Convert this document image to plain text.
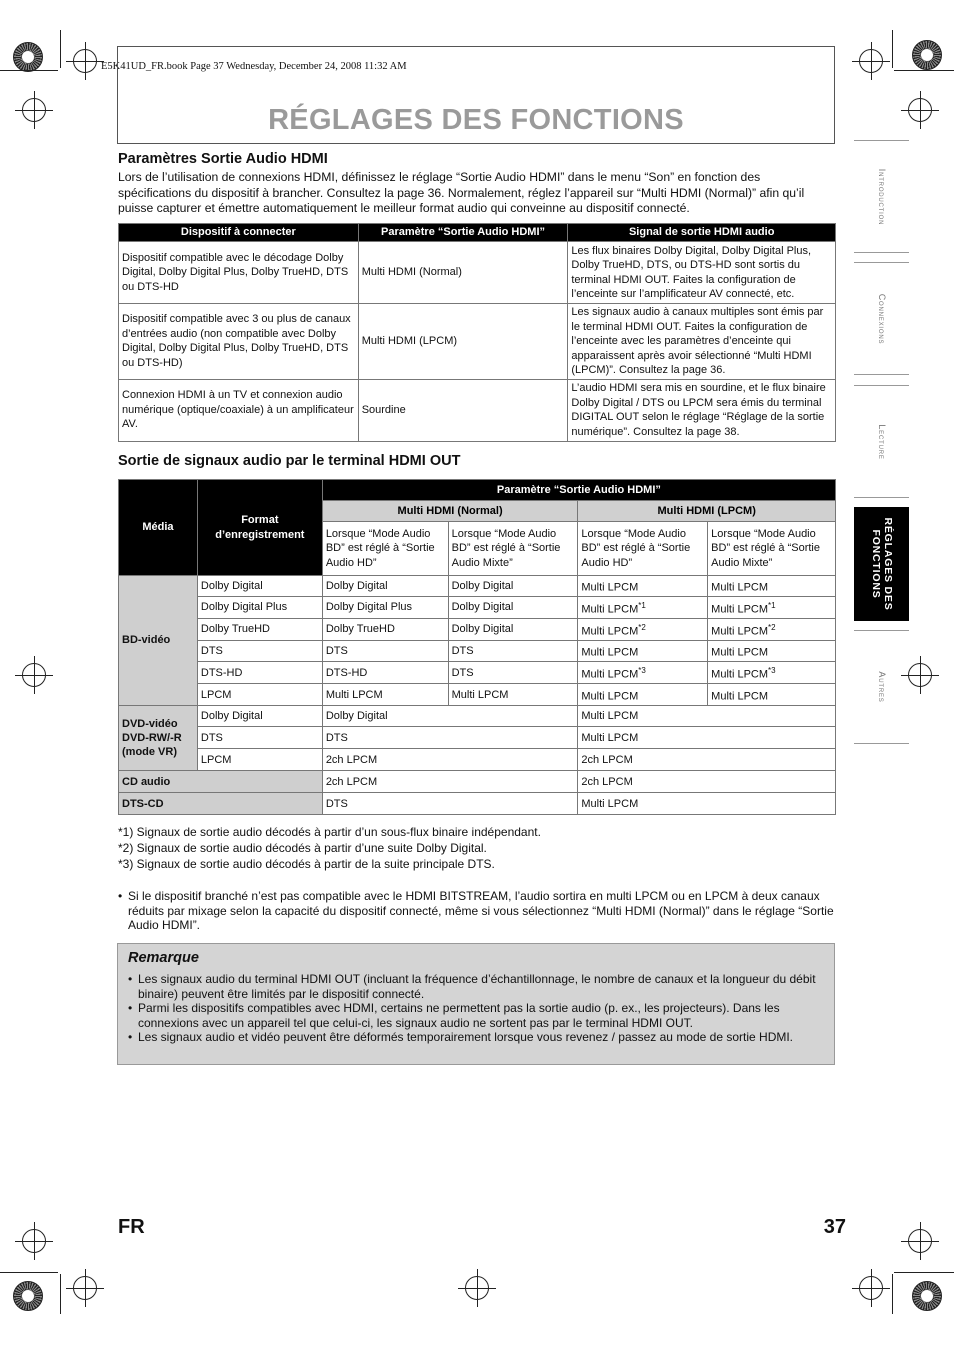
E5K41UD_FR.book Page 37 Wednesday, December 24, 2008 11:32 AM
RÉGLAGES DES FONCTIONS
Paramètres Sortie Audio HDMI
Lors de l’utilisation de connexions HDMI, définissez le réglage “Sortie Audio HDMI” dans le menu “Son” en fonction des spécifications du dispositif à brancher. Consultez la page 36. Normalement, réglez l’appareil sur “Multi HDMI (Normal)” afin qu’il puisse capturer et émettre automatiquement le meilleur format audio qui conveinne au dispositif connecté.
Dispositif à connecter	Paramètre “Sortie Audio HDMI”	Signal de sortie HDMI audio
Dispositif compatible avec le décodage Dolby Digital, Dolby Digital Plus, Dolby TrueHD, DTS ou DTS-HD	Multi HDMI (Normal)	Les flux binaires Dolby Digital, Dolby Digital Plus, Dolby TrueHD, DTS, ou DTS-HD sont sortis du terminal HDMI OUT. Faites la configuration de l’enceinte sur l’amplificateur AV connecté, etc.
Dispositif compatible avec 3 ou plus de canaux d’entrées audio (non compatible avec Dolby Digital, Dolby Digital Plus, Dolby TrueHD, DTS ou DTS-HD)	Multi HDMI (LPCM)	Les signaux audio à canaux multiples sont émis par le terminal HDMI OUT. Faites la configuration de l’enceinte avec les paramètres d’enceinte qui apparaissent après avoir sélectionné “Multi HDMI (LPCM)”. Consultez la page 36.
Connexion HDMI à un TV et connexion audio numérique (optique/coaxiale) à un amplificateur AV.	Sourdine	L’audio HDMI sera mis en sourdine, et le flux binaire Dolby Digital / DTS ou LPCM sera émis du terminal DIGITAL OUT selon le réglage “Réglage de la sortie numérique”. Consultez la page 38.
Sortie de signaux audio par le terminal HDMI OUT
Média	Format d’enregistrement	Paramètre “Sortie Audio HDMI”			
		Multi HDMI (Normal)		Multi HDMI (LPCM)	
		Lorsque “Mode Audio BD” est réglé à “Sortie Audio HD”	Lorsque “Mode Audio BD” est réglé à “Sortie Audio Mixte”	Lorsque “Mode Audio BD” est réglé à “Sortie Audio HD”	Lorsque “Mode Audio BD” est réglé à “Sortie Audio Mixte”
BD-vidéo	Dolby Digital	Dolby Digital	Dolby Digital	Multi LPCM	Multi LPCM
	Dolby Digital Plus	Dolby Digital Plus	Dolby Digital	Multi LPCM$^{*1}$	Multi LPCM$^{*1}$
	Dolby TrueHD	Dolby TrueHD	Dolby Digital	Multi LPCM$^{*2}$	Multi LPCM$^{*2}$
	DTS	DTS	DTS	Multi LPCM	Multi LPCM
	DTS-HD	DTS-HD	DTS	Multi LPCM$^{*3}$	Multi LPCM$^{*3}$
	LPCM	Multi LPCM	Multi LPCM	Multi LPCM	Multi LPCM
DVD-vidéo DVD-RW/-R (mode VR)	Dolby Digital	Dolby Digital		Multi LPCM	
	DTS	DTS		Multi LPCM	
	LPCM	2ch LPCM		2ch LPCM	
CD audio		2ch LPCM		2ch LPCM	
DTS-CD		DTS		Multi LPCM	
*1) Signaux de sortie audio décodés à partir d’un sous-flux binaire indépendant.
*2) Signaux de sortie audio décodés à partir d’une suite Dolby Digital.
*3) Signaux de sortie audio décodés à partir de la suite principale DTS.
• Si le dispositif branché n’est pas compatible avec le HDMI BITSTREAM, l’audio sortira en multi LPCM ou en LPCM à deux canaux réduits par mixage selon la capacité du dispositif connecté, même si vous sélectionnez “Multi HDMI (Normal)” dans le réglage “Sortie Audio HDMI”.
Remarque
• Les signaux audio du terminal HDMI OUT (incluant la fréquence d’échantillonnage, le nombre de canaux et la longueur du débit binaire) peuvent être limités par le dispositif connecté.
• Parmi les dispositifs compatibles avec HDMI, certains ne permettent pas la sortie audio (p. ex., les projecteurs). Dans les connexions avec un appareil tel que celui-ci, les signaux audio ne sortent pas par le terminal HDMI OUT.
• Les signaux audio et vidéo peuvent être déformés temporairement lorsque vous revenez / passez au mode de sortie HDMI.
Introduction
Connexions
Lecture
RÉGLAGES DES
FONCTIONS
Autres
FR	37
